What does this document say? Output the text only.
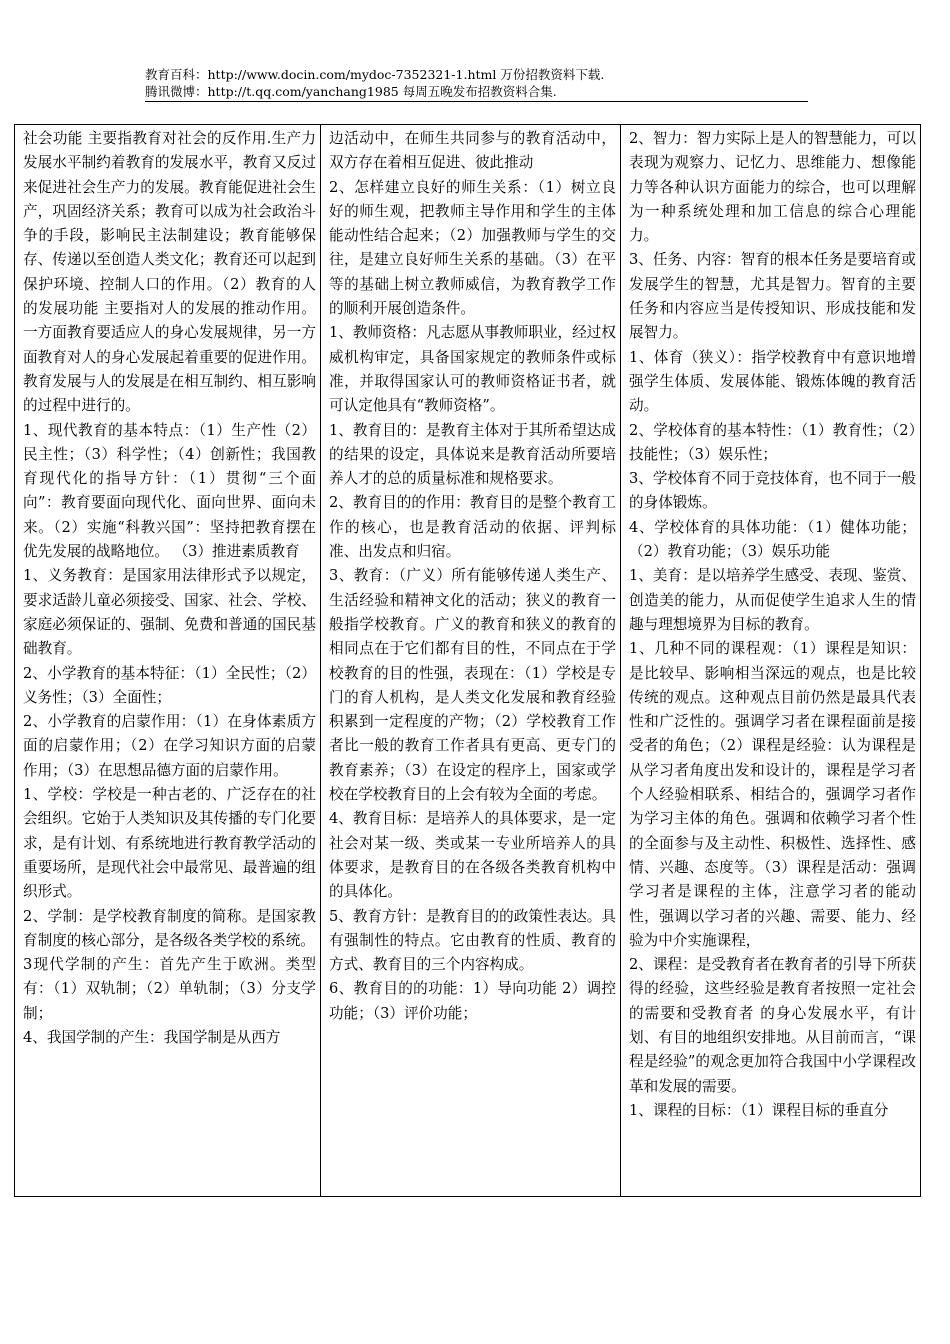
教育百科：http://www.docin.com/mydoc-7352321-1.html 万份招教资料下载.
腾讯微博：http://t.qq.com/yanchang1985 每周五晚发布招教资料合集.

社会功能 主要指教育对社会的反作用.生产力发展水平制约着教育的发展水平，教育又反过来促进社会生产力的发展。教育能促进社会生产，巩固经济关系；教育可以成为社会政治斗争的手段，影响民主法制建设；教育能够保存、传递以至创造人类文化；教育还可以起到保护环境、控制人口的作用。（2）教育的人的发展功能 主要指对人的发展的推动作用。一方面教育要适应人的身心发展规律，另一方面教育对人的身心发展起着重要的促进作用。教育发展与人的发展是在相互制约、相互影响的过程中进行的。

1、现代教育的基本特点：（1）生产性（2）民主性；（3）科学性；（4）创新性；我国教育现代化的指导方针：（1）贯彻“三个面向”：教育要面向现代化、面向世界、面向未来。（2）实施“科教兴国”：坚持把教育摆在优先发展的战略地位。 （3）推进素质教育

1、义务教育：是国家用法律形式予以规定，要求适龄儿童必须接受、国家、社会、学校、家庭必须保证的、强制、免费和普通的国民基础教育。

2、小学教育的基本特征：（1）全民性；（2）义务性；（3）全面性；

2、小学教育的启蒙作用：（1）在身体素质方面的启蒙作用；（2）在学习知识方面的启蒙作用；（3）在思想品德方面的启蒙作用。

1、学校：学校是一种古老的、广泛存在的社会组织。它始于人类知识及其传播的专门化要求，是有计划、有系统地进行教育教学活动的重要场所，是现代社会中最常见、最普遍的组织形式。

2、学制：是学校教育制度的简称。是国家教育制度的核心部分，是各级各类学校的系统。

3现代学制的产生：首先产生于欧洲。类型有：（1）双轨制；（2）单轨制；（3）分支学制；

4、我国学制的产生：我国学制是从西方

边活动中，在师生共同参与的教育活动中， 双方存在着相互促进、彼此推动

2、怎样建立良好的师生关系：（1）树立良好的师生观，把教师主导作用和学生的主体能动性结合起来；（2）加强教师与学生的交往，是建立良好师生关系的基础。（3）在平等的基础上树立教师威信，为教育教学工作的顺利开展创造条件。

1、教师资格：凡志愿从事教师职业，经过权威机构审定，具备国家规定的教师条件或标准，并取得国家认可的教师资格证书者，就可认定他具有“教师资格”。

1、教育目的：是教育主体对于其所希望达成的结果的设定，具体说来是教育活动所要培养人才的总的质量标准和规格要求。

2、教育目的的作用：教育目的是整个教育工作的核心，也是教育活动的依据、评判标准、出发点和归宿。

3、教育：（广义）所有能够传递人类生产、生活经验和精神文化的活动；狭义的教育一般指学校教育。广义的教育和狭义的教育的相同点在于它们都有目的性，不同点在于学校教育的目的性强，表现在：（1）学校是专门的育人机构，是人类文化发展和教育经验积累到一定程度的产物；（2）学校教育工作者比一般的教育工作者具有更高、更专门的教育素养；（3）在设定的程序上，国家或学校在学校教育目的上会有较为全面的考虑。

4、教育目标：是培养人的具体要求，是一定社会对某一级、类或某一专业所培养人的具体要求，是教育目的在各级各类教育机构中的具体化。

5、教育方针：是教育目的的政策性表达。具有强制性的特点。它由教育的性质、教育的方式、教育目的三个内容构成。

6、教育目的的功能：1）导向功能 2）调控功能；（3）评价功能；

2、智力：智力实际上是人的智慧能力，可以表现为观察力、记忆力、思维能力、想像能力等各种认识方面能力的综合，也可以理解为一种系统处理和加工信息的综合心理能力。

3、任务、内容：智育的根本任务是要培育或发展学生的智慧，尤其是智力。智育的主要任务和内容应当是传授知识、形成技能和发展智力。

1、体育（狭义）：指学校教育中有意识地增强学生体质、发展体能、锻炼体魄的教育活动。

2、学校体育的基本特性：（1）教育性；（2）技能性；（3）娱乐性；

3、学校体育不同于竞技体育，也不同于一般的身体锻炼。

4、学校体育的具体功能：（1）健体功能；（2）教育功能；（3）娱乐功能

1、美育：是以培养学生感受、表现、鉴赏、创造美的能力，从而促使学生追求人生的情趣与理想境界为目标的教育。

1、几种不同的课程观：（1）课程是知识：是比较早、影响相当深远的观点，也是比较传统的观点。这种观点目前仍然是最具代表性和广泛性的。强调学习者在课程面前是接受者的角色；（2）课程是经验：认为课程是从学习者角度出发和设计的，课程是学习者个人经验相联系、相结合的，强调学习者作为学习主体的角色。强调和依赖学习者个性的全面参与及主动性、积极性、选择性、感情、兴趣、态度等。（3）课程是活动：强调学习者是课程的主体，注意学习者的能动性，强调以学习者的兴趣、需要、能力、经验为中介实施课程，

2、课程：是受教育者在教育者的引导下所获得的经验，这些经验是教育者按照一定社会的需要和受教育者 的身心发展水平，有计划、有目的地组织安排地。从目前而言，“课程是经验”的观念更加符合我国中小学课程改革和发展的需要。

1、课程的目标：（1）课程目标的垂直分
